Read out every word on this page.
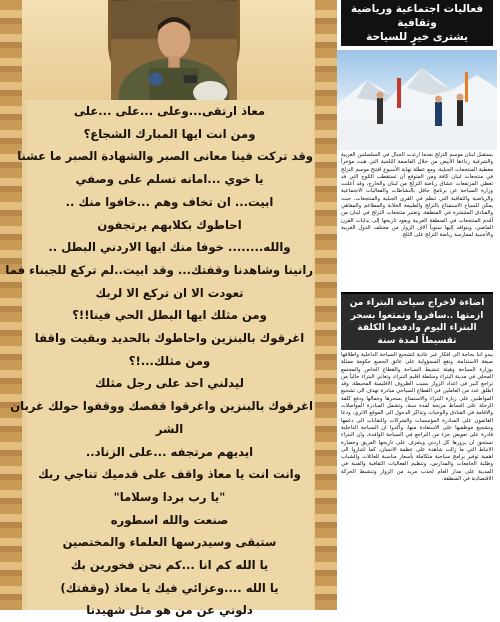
معاذ ارتقى...وعلى ...على ...على
ومن انت ايها المبارك الشجاع؟
وقد تركت فينا معانى الصبر والشهادة الصبر ما عشنا
يا خوي ...امانه تسلم على وصفي
ابيت... ان تخاف وهم ...خافوا منك ..
احاطوك بكلابهم يرتجفون
والله........ خوفا منك ايها الاردني البطل ..
رانينا وشاهدنا وقفتك... وقد ابيت..لم تركع للجبناء فما
تعودت الا ان تركع الا لربك
ومن مثلك ايها البطل الحي فينا!!؟
اغرقوك بالبنزين واحاطوك بالحديد وبقيت واقفا
ومن مثلك...!؟
ليدلني احد على رجل مثلك
اغرقوك بالبنزين واغرقوا قفصك ووقفوا حولك غربان
الشر
ايديهم مرتجفه ...على الزناد..
وانت انت يا معاذ واقف على قدميك تناجي ربك
"يا رب بردا وسلاما"
صنعت والله اسطوره
ستبقى وسيدرسها العلماء والمختصين
يا الله كم انا ...كم نحن فخورين بك
يا الله ....وعزائي فيك يا معاذ (وقفتك)
دلوني عن من هو مثل شهيدنا
فعاليات اجتماعية ورياضية وثقافية
يشترى خيرٍ للسياحة
يستقبل لبنان موسم التزلج بعدما ارتدت الجبال في السلسلتين الغربية والشرقية رداءها الأبيض من خلال العاصفة الثلجية التي هبت مؤخراً مغطية المنتجعات الجبلية، ومع عطلة نهاية الأسبوع افتتح موسم التزلج في منتجعات لبنان كافة ومن المتوقع أن تستقطب الثلوج التي قد تغطي المرتفعات عشاق رياضة التزلج من لبنان والخارج، وقد أعلنت وزارة السياحة عن برنامج حافل بالنشاطات والفعاليات الاجتماعية والرياضية والثقافية التي تنظم في القرى الجبلية والمنتجعات، حيث يمكن للسياح الاستمتاع بالتزلج والطبيعة الخلابة والمطاعم والمقاهي والفنادق المنتشرة في المنطقة، وتعتبر منتجعات التزلج في لبنان من أقدم المنتجعات في المنطقة العربية ويعود تاريخها إلى بدايات القرن الماضي، ويتوافد إليها سنوياً آلاف الزوار من مختلف الدول العربية والأجنبية لممارسة رياضة التزلج على الثلج.
اضاءة لاخراج سياحة البتراء من ازمتها ..سافروا وتمتعوا بسحر البتراء اليوم وادفعوا الكلفة تقسيطاً لمدة سنة
يبدو اننا بحاجة الى افكار غير عادية لتشجيع السياحة الداخلية واطلاقها صيغة الاستدامة، وتقع المسؤولية على عاتق الجميع حكومة ممثلة بوزارة السياحة وهيئة تنشيط السياحة والقطاع الخاص والمجتمع المحلي في مدينة البتراء وسلطة اقليم البتراء، وتعاني البتراء حالياً من تراجع كبير في اعداد الزوار بسبب الظروف الاقليمية المحيطة، وقد اطلق عدد من العاملين في القطاع السياحي مبادرة تهدف الى تشجيع المواطنين على زيارة البتراء والاستمتاع بسحرها وجمالها ودفع كلفة الرحلة على اقساط مريحة لمدة سنة، وتشمل المبادرة المواصلات والاقامة في الفنادق والوجبات وتذاكر الدخول الى الموقع الاثري، ودعا القائمون على المبادرة المؤسسات والشركات والنقابات الى دعمها وتشجيع موظفيها على الاستفادة منها، وأكدوا ان السياحة الداخلية قادرة على تعويض جزء من التراجع في السياحة الوافدة، وان البتراء تستحق ان يزورها كل اردني ويتعرف على تاريخها العريق وحضارة الانباط التي ما زالت شاهدة على عظمة الانسان، كما اشاروا الى اهمية توفير برامج سياحية متكاملة بأسعار مناسبة للعائلات والشباب وطلبة الجامعات والمدارس، وتنظيم الفعاليات الثقافية والفنية في المدينة على مدار العام لجذب مزيد من الزوار وتنشيط الحركة الاقتصادية في المنطقة.
